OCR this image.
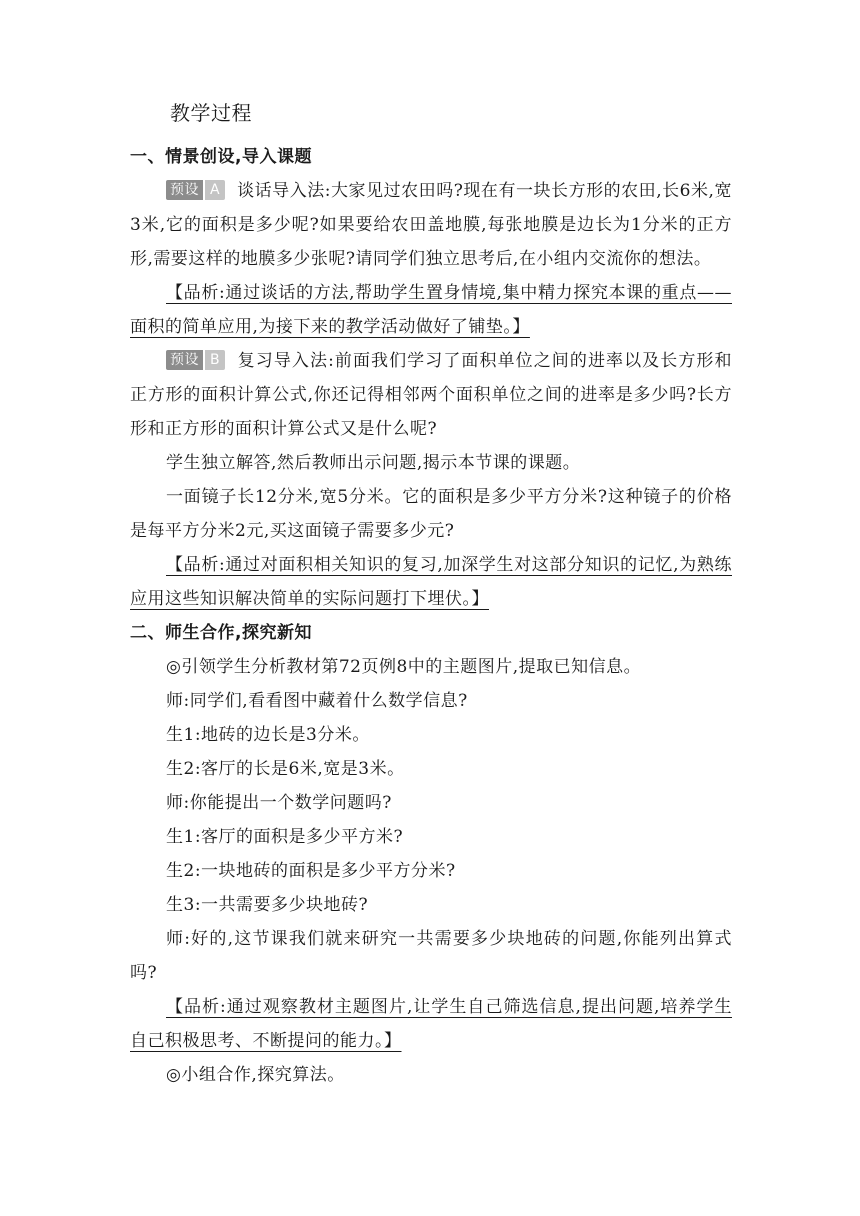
教学过程
一、情景创设,导入课题

预设 A 谈话导入法:大家见过农田吗?现在有一块长方形的农田,长6米,宽3米,它的面积是多少呢?如果要给农田盖地膜,每张地膜是边长为1分米的正方形,需要这样的地膜多少张呢?请同学们独立思考后,在小组内交流你的想法。

【品析:通过谈话的方法,帮助学生置身情境,集中精力探究本课的重点——面积的简单应用,为接下来的教学活动做好了铺垫。】

预设 B 复习导入法:前面我们学习了面积单位之间的进率以及长方形和正方形的面积计算公式,你还记得相邻两个面积单位之间的进率是多少吗?长方形和正方形的面积计算公式又是什么呢?

学生独立解答,然后教师出示问题,揭示本节课的课题。

一面镜子长12分米,宽5分米。它的面积是多少平方分米?这种镜子的价格是每平方分米2元,买这面镜子需要多少元?

【品析:通过对面积相关知识的复习,加深学生对这部分知识的记忆,为熟练应用这些知识解决简单的实际问题打下埋伏。】

二、师生合作,探究新知

◎引领学生分析教材第72页例8中的主题图片,提取已知信息。

师:同学们,看看图中藏着什么数学信息?

生1:地砖的边长是3分米。

生2:客厅的长是6米,宽是3米。

师:你能提出一个数学问题吗?

生1:客厅的面积是多少平方米?

生2:一块地砖的面积是多少平方分米?

生3:一共需要多少块地砖?

师:好的,这节课我们就来研究一共需要多少块地砖的问题,你能列出算式吗?

【品析:通过观察教材主题图片,让学生自己筛选信息,提出问题,培养学生自己积极思考、不断提问的能力。】

◎小组合作,探究算法。
